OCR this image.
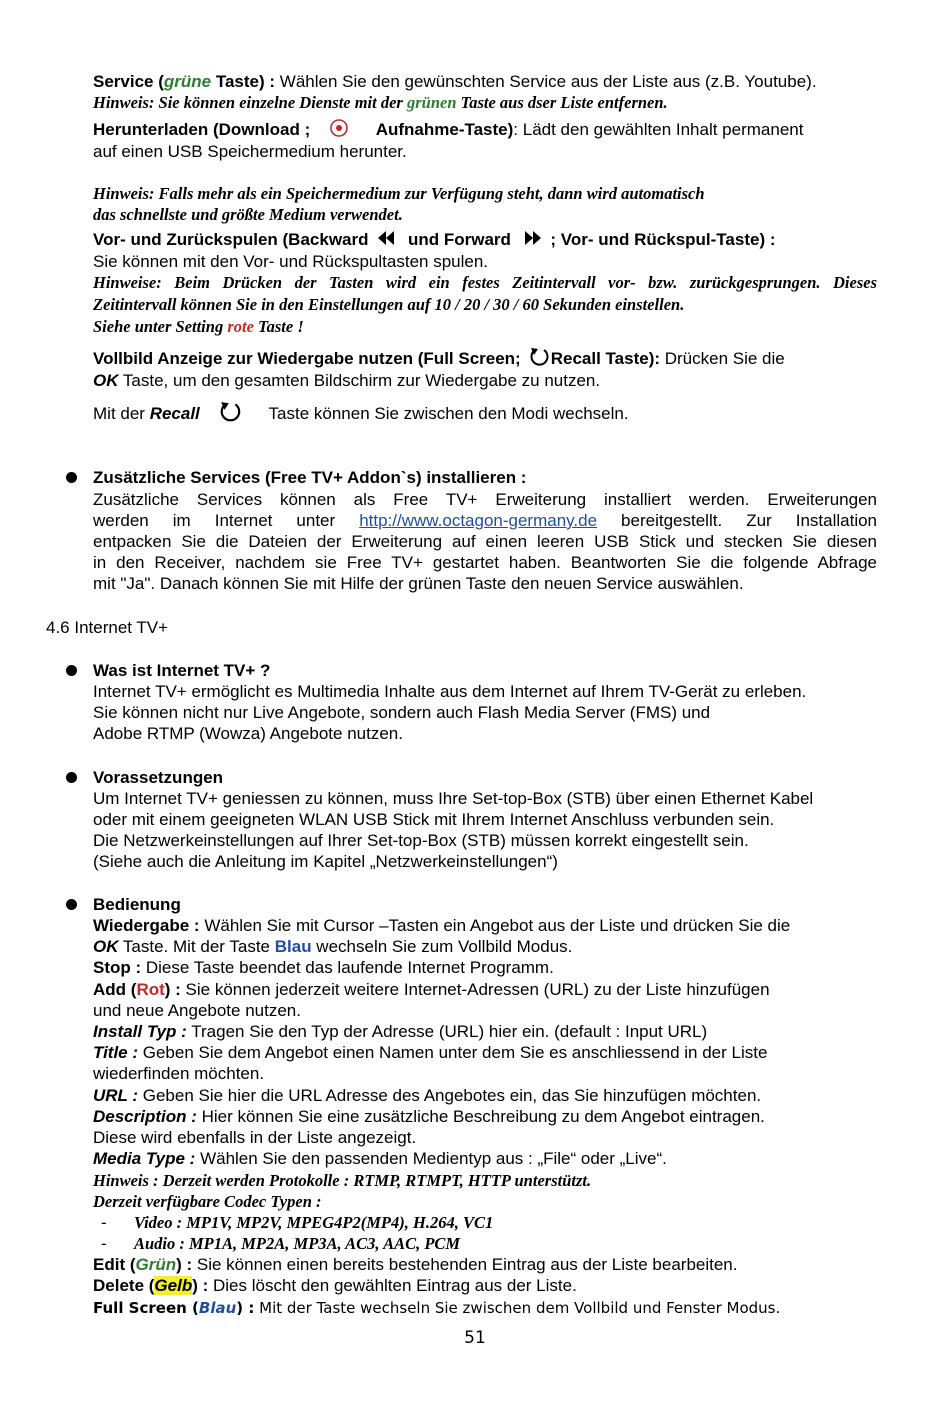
Service (grüne Taste) : Wählen Sie den gewünschten Service aus der Liste aus (z.B. Youtube).
Hinweis: Sie können einzelne Dienste mit der grünen Taste aus dser Liste entfernen.
Herunterladen (Download ;	Aufnahme-Taste): Lädt den gewählten Inhalt permanent
auf einen USB Speichermedium herunter.
Hinweis: Falls mehr als ein Speichermedium zur Verfügung steht, dann wird automatisch
das schnellste und größte Medium verwendet.
Vor- und Zurückspulen (Backward und Forward ; Vor- und Rückspul-Taste) :
Sie können mit den Vor- und Rückspultasten spulen.
Hinweise: Beim Drücken der Tasten wird ein festes Zeitintervall vor- bzw. zurückgesprungen. Dieses
Zeitintervall können Sie in den Einstellungen auf 10 / 20 / 30 / 60 Sekunden einstellen.
Siehe unter Setting rote Taste !
Vollbild Anzeige zur Wiedergabe nutzen (Full Screen; Recall Taste): Drücken Sie die
OK Taste, um den gesamten Bildschirm zur Wiedergabe zu nutzen.
Mit der Recall	Taste können Sie zwischen den Modi wechseln.
Zusätzliche Services (Free TV+ Addon`s) installieren :
Zusätzliche Services können als Free TV+ Erweiterung installiert werden. Erweiterungen
werden im Internet unter http://www.octagon-germany.de bereitgestellt. Zur Installation
entpacken Sie die Dateien der Erweiterung auf einen leeren USB Stick und stecken Sie diesen
in den Receiver, nachdem sie Free TV+ gestartet haben. Beantworten Sie die folgende Abfrage
mit "Ja". Danach können Sie mit Hilfe der grünen Taste den neuen Service auswählen.
4.6 Internet TV+
Was ist Internet TV+ ?
Internet TV+ ermöglicht es Multimedia Inhalte aus dem Internet auf Ihrem TV-Gerät zu erleben.
Sie können nicht nur Live Angebote, sondern auch Flash Media Server (FMS) und
Adobe RTMP (Wowza) Angebote nutzen.
Vorassetzungen
Um Internet TV+ geniessen zu können, muss Ihre Set-top-Box (STB) über einen Ethernet Kabel
oder mit einem geeigneten WLAN USB Stick mit Ihrem Internet Anschluss verbunden sein.
Die Netzwerkeinstellungen auf Ihrer Set-top-Box (STB) müssen korrekt eingestellt sein.
(Siehe auch die Anleitung im Kapitel „Netzwerkeinstellungen“)
Bedienung
Wiedergabe : Wählen Sie mit Cursor –Tasten ein Angebot aus der Liste und drücken Sie die
OK Taste. Mit der Taste Blau wechseln Sie zum Vollbild Modus.
Stop : Diese Taste beendet das laufende Internet Programm.
Add (Rot) : Sie können jederzeit weitere Internet-Adressen (URL) zu der Liste hinzufügen
und neue Angebote nutzen.
Install Typ : Tragen Sie den Typ der Adresse (URL) hier ein. (default : Input URL)
Title : Geben Sie dem Angebot einen Namen unter dem Sie es anschliessend in der Liste
wiederfinden möchten.
URL : Geben Sie hier die URL Adresse des Angebotes ein, das Sie hinzufügen möchten.
Description : Hier können Sie eine zusätzliche Beschreibung zu dem Angebot eintragen.
Diese wird ebenfalls in der Liste angezeigt.
Media Type : Wählen Sie den passenden Medientyp aus : „File“ oder „Live“.
Hinweis : Derzeit werden Protokolle : RTMP, RTMPT, HTTP unterstützt.
Derzeit verfügbare Codec Typen :
- Video : MP1V, MP2V, MPEG4P2(MP4), H.264, VC1
- Audio : MP1A, MP2A, MP3A, AC3, AAC, PCM
Edit (Grün) : Sie können einen bereits bestehenden Eintrag aus der Liste bearbeiten.
Delete (Gelb) : Dies löscht den gewählten Eintrag aus der Liste.
Full Screen (Blau) : Mit der Taste wechseln Sie zwischen dem Vollbild und Fenster Modus.
51
